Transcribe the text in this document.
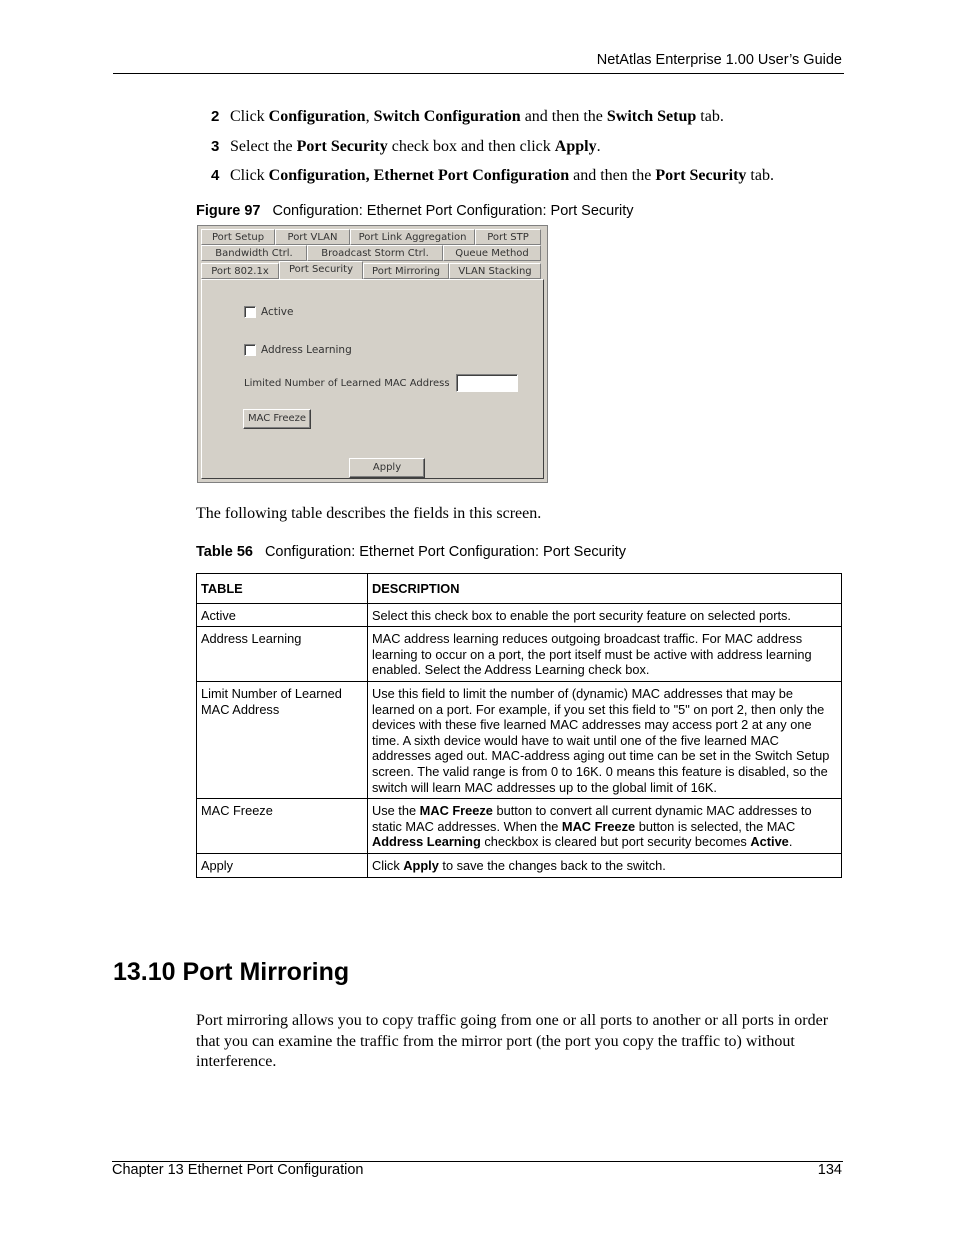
NetAtlas Enterprise 1.00 User’s Guide
2 Click Configuration, Switch Configuration and then the Switch Setup tab.
3 Select the Port Security check box and then click Apply.
4 Click Configuration, Ethernet Port Configuration and then the Port Security tab.
Figure 97 Configuration: Ethernet Port Configuration: Port Security
Port Setup	Port VLAN	Port Link Aggregation	Port STP
Bandwidth Ctrl.	Broadcast Storm Ctrl.	Queue Method
Port 802.1x	Port Security	Port Mirroring	VLAN Stacking
Active
Address Learning
Limited Number of Learned MAC Address
MAC Freeze
Apply
The following table describes the fields in this screen.
Table 56 Configuration: Ethernet Port Configuration: Port Security
TABLE	DESCRIPTION
Active	Select this check box to enable the port security feature on selected ports.
Address Learning	MAC address learning reduces outgoing broadcast traffic. For MAC address learning to occur on a port, the port itself must be active with address learning enabled. Select the Address Learning check box.
Limit Number of Learned MAC Address	Use this field to limit the number of (dynamic) MAC addresses that may be learned on a port. For example, if you set this field to "5" on port 2, then only the devices with these five learned MAC addresses may access port 2 at any one time. A sixth device would have to wait until one of the five learned MAC addresses aged out. MAC-address aging out time can be set in the Switch Setup screen. The valid range is from 0 to 16K. 0 means this feature is disabled, so the switch will learn MAC addresses up to the global limit of 16K.
MAC Freeze	Use the MAC Freeze button to convert all current dynamic MAC addresses to static MAC addresses. When the MAC Freeze button is selected, the MAC Address Learning checkbox is cleared but port security becomes Active.
Apply	Click Apply to save the changes back to the switch.
13.10 Port Mirroring
Port mirroring allows you to copy traffic going from one or all ports to another or all ports in order that you can examine the traffic from the mirror port (the port you copy the traffic to) without interference.
Chapter 13 Ethernet Port Configuration	134
